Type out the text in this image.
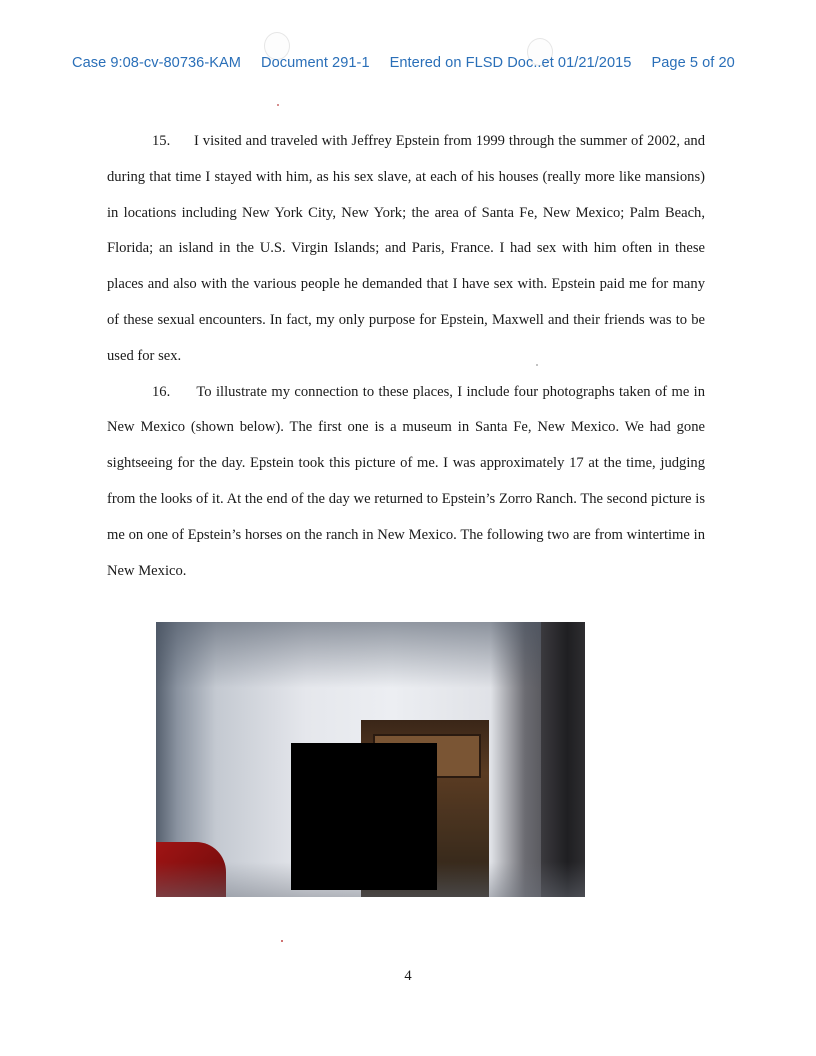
Case 9:08-cv-80736-KAM Document 291-1 Entered on FLSD Doc..et 01/21/2015 Page 5 of 20

15. I visited and traveled with Jeffrey Epstein from 1999 through the summer of 2002, and during that time I stayed with him, as his sex slave, at each of his houses (really more like mansions) in locations including New York City, New York; the area of Santa Fe, New Mexico; Palm Beach, Florida; an island in the U.S. Virgin Islands; and Paris, France. I had sex with him often in these places and also with the various people he demanded that I have sex with. Epstein paid me for many of these sexual encounters. In fact, my only purpose for Epstein, Maxwell and their friends was to be used for sex.

16. To illustrate my connection to these places, I include four photographs taken of me in New Mexico (shown below). The first one is a museum in Santa Fe, New Mexico. We had gone sightseeing for the day. Epstein took this picture of me. I was approximately 17 at the time, judging from the looks of it. At the end of the day we returned to Epstein’s Zorro Ranch. The second picture is me on one of Epstein’s horses on the ranch in New Mexico. The following two are from wintertime in New Mexico.

4
